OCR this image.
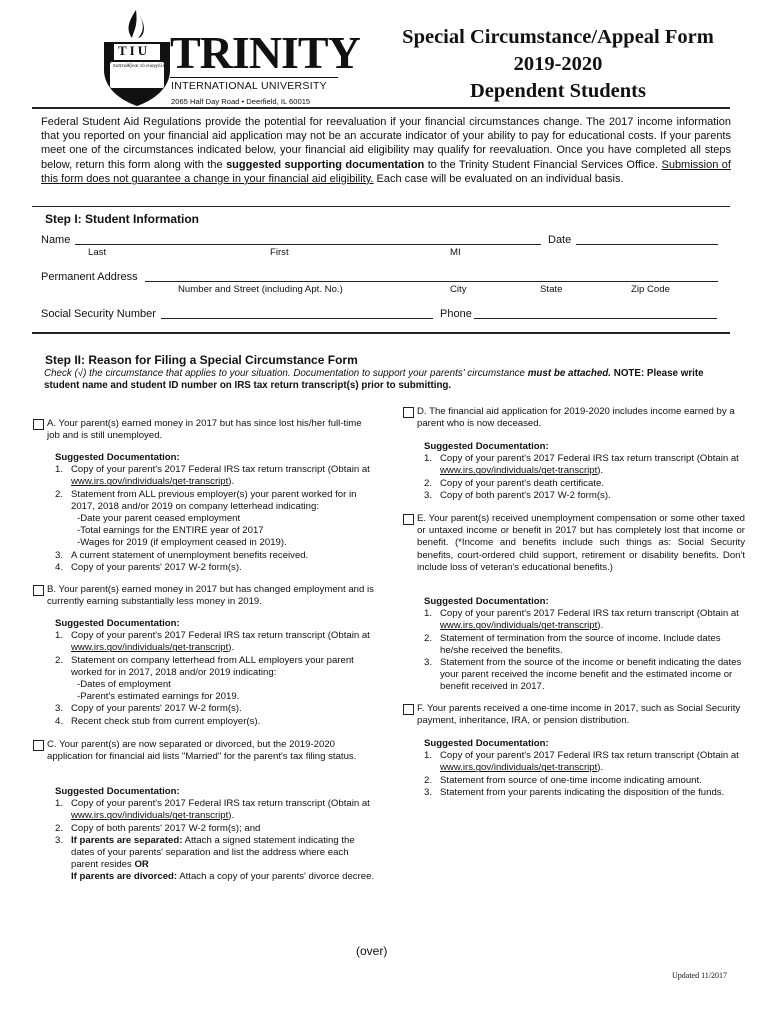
TIU
πιστευθῆναι τὸ εὐαγγέλιον
1 THESS. 2:4
TRINITY
INTERNATIONAL UNIVERSITY
2065 Half Day Road • Deerfield, IL 60015
Special Circumstance/Appeal Form
2019-2020
Dependent Students
Federal Student Aid Regulations provide the potential for reevaluation if your financial circumstances change. The 2017 income information that you reported on your financial aid application may not be an accurate indicator of your ability to pay for educational costs. If your parents meet one of the circumstances indicated below, your financial aid eligibility may qualify for reevaluation. Once you have completed all steps below, return this form along with the suggested supporting documentation to the Trinity Student Financial Services Office. Submission of this form does not guarantee a change in your financial aid eligibility. Each case will be evaluated on an individual basis.
Step I: Student Information
Name	Date
Last	First	MI
Permanent Address
Number and Street (including Apt. No.)	City	State	Zip Code
Social Security Number	Phone
Step II: Reason for Filing a Special Circumstance Form
Check (√) the circumstance that applies to your situation. Documentation to support your parents' circumstance must be attached. NOTE: Please write student name and student ID number on IRS tax return transcript(s) prior to submitting.
A. Your parent(s) earned money in 2017 but has since lost his/her full-time job and is still unemployed.
Suggested Documentation:
1. Copy of your parent's 2017 Federal IRS tax return transcript (Obtain at www.irs.gov/individuals/get-transcript).
2. Statement from ALL previous employer(s) your parent worked for in 2017, 2018 and/or 2019 on company letterhead indicating:
-Date your parent ceased employment
-Total earnings for the ENTIRE year of 2017
-Wages for 2019 (if employment ceased in 2019).
3. A current statement of unemployment benefits received.
4. Copy of your parents' 2017 W-2 form(s).
B. Your parent(s) earned money in 2017 but has changed employment and is currently earning substantially less money in 2019.
Suggested Documentation:
1. Copy of your parent's 2017 Federal IRS tax return transcript (Obtain at www.irs.gov/individuals/get-transcript).
2. Statement on company letterhead from ALL employers your parent worked for in 2017, 2018 and/or 2019 indicating:
-Dates of employment
-Parent's estimated earnings for 2019.
3. Copy of your parents' 2017 W-2 form(s).
4. Recent check stub from current employer(s).
C. Your parent(s) are now separated or divorced, but the 2019-2020 application for financial aid lists "Married" for the parent's tax filing status.
Suggested Documentation:
1. Copy of your parent's 2017 Federal IRS tax return transcript (Obtain at www.irs.gov/individuals/get-transcript).
2. Copy of both parents' 2017 W-2 form(s); and
3. If parents are separated: Attach a signed statement indicating the dates of your parents' separation and list the address where each parent resides OR
If parents are divorced: Attach a copy of your parents' divorce decree.
D. The financial aid application for 2019-2020 includes income earned by a parent who is now deceased.
Suggested Documentation:
1. Copy of your parent's 2017 Federal IRS tax return transcript (Obtain at www.irs.gov/individuals/get-transcript).
2. Copy of your parent's death certificate.
3. Copy of both parent's 2017 W-2 form(s).
E. Your parent(s) received unemployment compensation or some other taxed or untaxed income or benefit in 2017 but has completely lost that income or benefit. (*Income and benefits include such things as: Social Security benefits, court-ordered child support, retirement or disability benefits. Don't include loss of veteran's educational benefits.)
Suggested Documentation:
1. Copy of your parent's 2017 Federal IRS tax return transcript (Obtain at www.irs.gov/individuals/get-transcript).
2. Statement of termination from the source of income. Include dates he/she received the benefits.
3. Statement from the source of the income or benefit indicating the dates your parent received the income benefit and the estimated income or benefit received in 2017.
F. Your parents received a one-time income in 2017, such as Social Security payment, inheritance, IRA, or pension distribution.
Suggested Documentation:
1. Copy of your parent's 2017 Federal IRS tax return transcript (Obtain at www.irs.gov/individuals/get-transcript).
2. Statement from source of one-time income indicating amount.
3. Statement from your parents indicating the disposition of the funds.
(over)
Updated 11/2017
